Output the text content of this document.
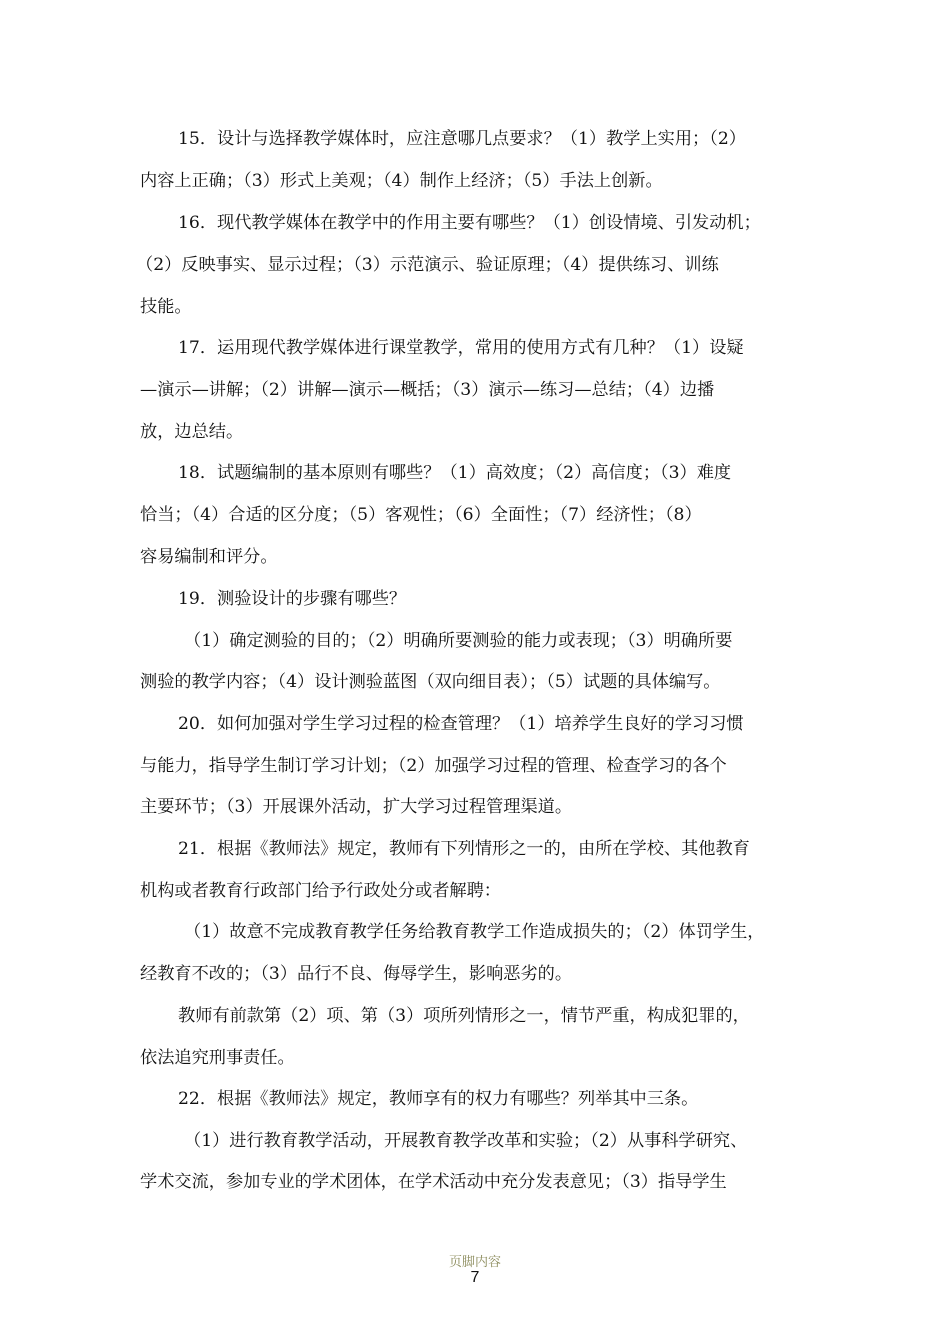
15．设计与选择教学媒体时，应注意哪几点要求？（1）教学上实用；（2）
内容上正确；（3）形式上美观；（4）制作上经济；（5）手法上创新。
16．现代教学媒体在教学中的作用主要有哪些？（1）创设情境、引发动机；
（2）反映事实、显示过程；（3）示范演示、验证原理；（4）提供练习、训练
技能。
17．运用现代教学媒体进行课堂教学，常用的使用方式有几种？（1）设疑
—演示—讲解；（2）讲解—演示—概括；（3）演示—练习—总结；（4）边播
放，边总结。
18．试题编制的基本原则有哪些？（1）高效度；（2）高信度；（3）难度
恰当；（4）合适的区分度；（5）客观性；（6）全面性；（7）经济性；（8）
容易编制和评分。
19．测验设计的步骤有哪些？
（1）确定测验的目的；（2）明确所要测验的能力或表现；（3）明确所要
测验的教学内容；（4）设计测验蓝图（双向细目表）；（5）试题的具体编写。
20．如何加强对学生学习过程的检查管理？（1）培养学生良好的学习习惯
与能力，指导学生制订学习计划；（2）加强学习过程的管理、检查学习的各个
主要环节；（3）开展课外活动，扩大学习过程管理渠道。
21．根据《教师法》规定，教师有下列情形之一的，由所在学校、其他教育
机构或者教育行政部门给予行政处分或者解聘：
（1）故意不完成教育教学任务给教育教学工作造成损失的；（2）体罚学生，
经教育不改的；（3）品行不良、侮辱学生，影响恶劣的。
教师有前款第（2）项、第（3）项所列情形之一，情节严重，构成犯罪的，
依法追究刑事责任。
22．根据《教师法》规定，教师享有的权力有哪些？列举其中三条。
（1）进行教育教学活动，开展教育教学改革和实验；（2）从事科学研究、
学术交流，参加专业的学术团体，在学术活动中充分发表意见；（3）指导学生
页脚内容
7
